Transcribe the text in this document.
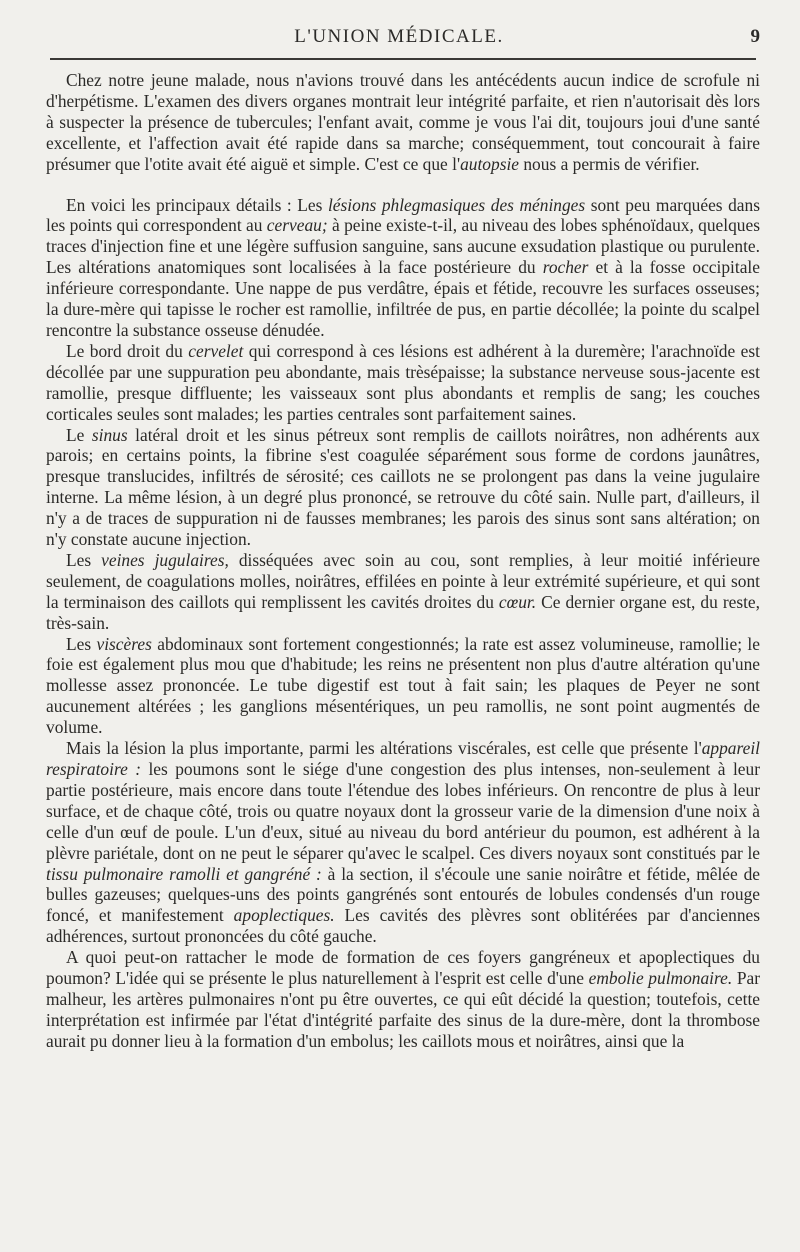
L'UNION MÉDICALE.	9

Chez notre jeune malade, nous n'avions trouvé dans les antécédents aucun indice de scrofule ni d'herpétisme. L'examen des divers organes montrait leur intégrité parfaite, et rien n'autorisait dès lors à suspecter la présence de tubercules; l'enfant avait, comme je vous l'ai dit, toujours joui d'une santé excellente, et l'affection avait été rapide dans sa marche; conséquemment, tout concourait à faire présumer que l'otite avait été aiguë et simple. C'est ce que l'autopsie nous a permis de vérifier.

En voici les principaux détails : Les lésions phlegmasiques des méninges sont peu marquées dans les points qui correspondent au cerveau; à peine existe-t-il, au niveau des lobes sphénoïdaux, quelques traces d'injection fine et une légère suffusion sanguine, sans aucune exsudation plastique ou purulente. Les altérations anatomiques sont localisées à la face postérieure du rocher et à la fosse occipitale inférieure correspondante. Une nappe de pus verdâtre, épais et fétide, recouvre les surfaces osseuses; la dure-mère qui tapisse le rocher est ramollie, infiltrée de pus, en partie décollée; la pointe du scalpel rencontre la substance osseuse dénudée.

Le bord droit du cervelet qui correspond à ces lésions est adhérent à la duremère; l'arachnoïde est décollée par une suppuration peu abondante, mais trèsépaisse; la substance nerveuse sous-jacente est ramollie, presque diffluente; les vaisseaux sont plus abondants et remplis de sang; les couches corticales seules sont malades; les parties centrales sont parfaitement saines.

Le sinus latéral droit et les sinus pétreux sont remplis de caillots noirâtres, non adhérents aux parois; en certains points, la fibrine s'est coagulée séparément sous forme de cordons jaunâtres, presque translucides, infiltrés de sérosité; ces caillots ne se prolongent pas dans la veine jugulaire interne. La même lésion, à un degré plus prononcé, se retrouve du côté sain. Nulle part, d'ailleurs, il n'y a de traces de suppuration ni de fausses membranes; les parois des sinus sont sans altération; on n'y constate aucune injection.

Les veines jugulaires, disséquées avec soin au cou, sont remplies, à leur moitié inférieure seulement, de coagulations molles, noirâtres, effilées en pointe à leur extrémité supérieure, et qui sont la terminaison des caillots qui remplissent les cavités droites du cœur. Ce dernier organe est, du reste, très-sain.

Les viscères abdominaux sont fortement congestionnés; la rate est assez volumineuse, ramollie; le foie est également plus mou que d'habitude; les reins ne présentent non plus d'autre altération qu'une mollesse assez prononcée. Le tube digestif est tout à fait sain; les plaques de Peyer ne sont aucunement altérées ; les ganglions mésentériques, un peu ramollis, ne sont point augmentés de volume.

Mais la lésion la plus importante, parmi les altérations viscérales, est celle que présente l'appareil respiratoire : les poumons sont le siége d'une congestion des plus intenses, non-seulement à leur partie postérieure, mais encore dans toute l'étendue des lobes inférieurs. On rencontre de plus à leur surface, et de chaque côté, trois ou quatre noyaux dont la grosseur varie de la dimension d'une noix à celle d'un œuf de poule. L'un d'eux, situé au niveau du bord antérieur du poumon, est adhérent à la plèvre pariétale, dont on ne peut le séparer qu'avec le scalpel. Ces divers noyaux sont constitués par le tissu pulmonaire ramolli et gangréné : à la section, il s'écoule une sanie noirâtre et fétide, mêlée de bulles gazeuses; quelques-uns des points gangrénés sont entourés de lobules condensés d'un rouge foncé, et manifestement apoplectiques. Les cavités des plèvres sont oblitérées par d'anciennes adhérences, surtout prononcées du côté gauche.

A quoi peut-on rattacher le mode de formation de ces foyers gangréneux et apoplectiques du poumon? L'idée qui se présente le plus naturellement à l'esprit est celle d'une embolie pulmonaire. Par malheur, les artères pulmonaires n'ont pu être ouvertes, ce qui eût décidé la question; toutefois, cette interprétation est infirmée par l'état d'intégrité parfaite des sinus de la dure-mère, dont la thrombose aurait pu donner lieu à la formation d'un embolus; les caillots mous et noirâtres, ainsi que la
